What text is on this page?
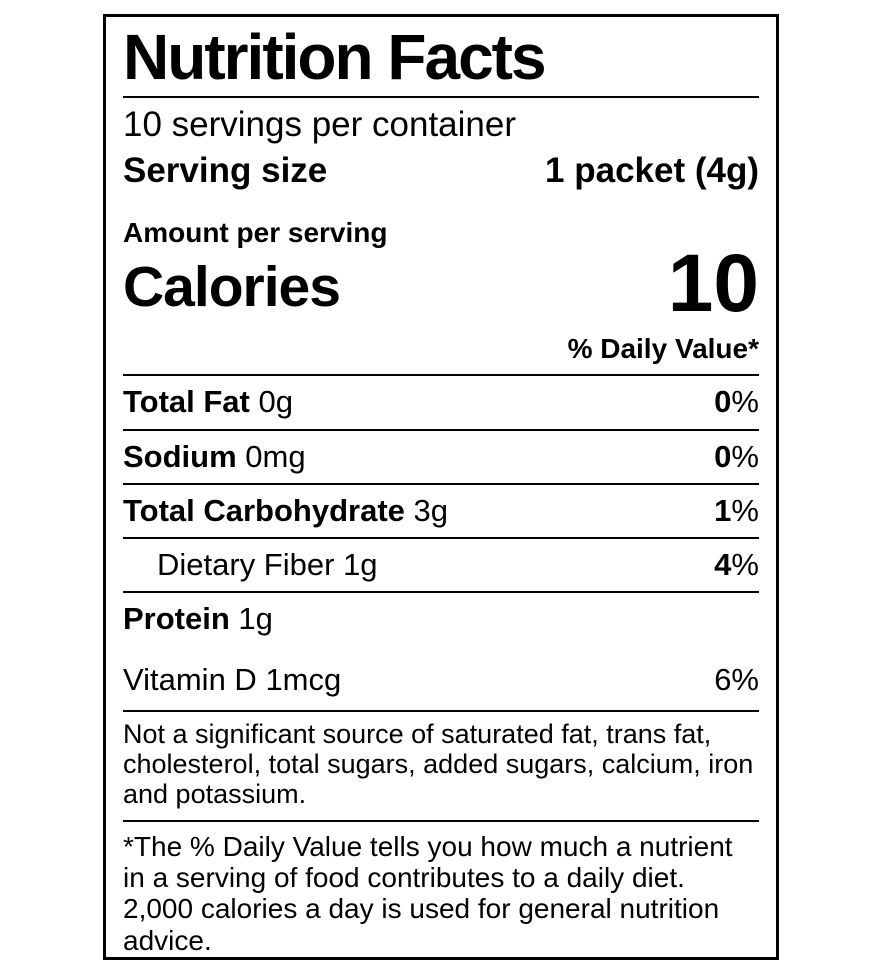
Nutrition Facts
10 servings per container
Serving size	1 packet (4g)
Amount per serving
Calories	10
% Daily Value*
Total Fat 0g	0%
Sodium 0mg	0%
Total Carbohydrate 3g	1%
Dietary Fiber 1g	4%
Protein 1g
Vitamin D 1mcg	6%
Not a significant source of saturated fat, trans fat, cholesterol, total sugars, added sugars, calcium, iron and potassium.
*The % Daily Value tells you how much a nutrient in a serving of food contributes to a daily diet. 2,000 calories a day is used for general nutrition advice.
